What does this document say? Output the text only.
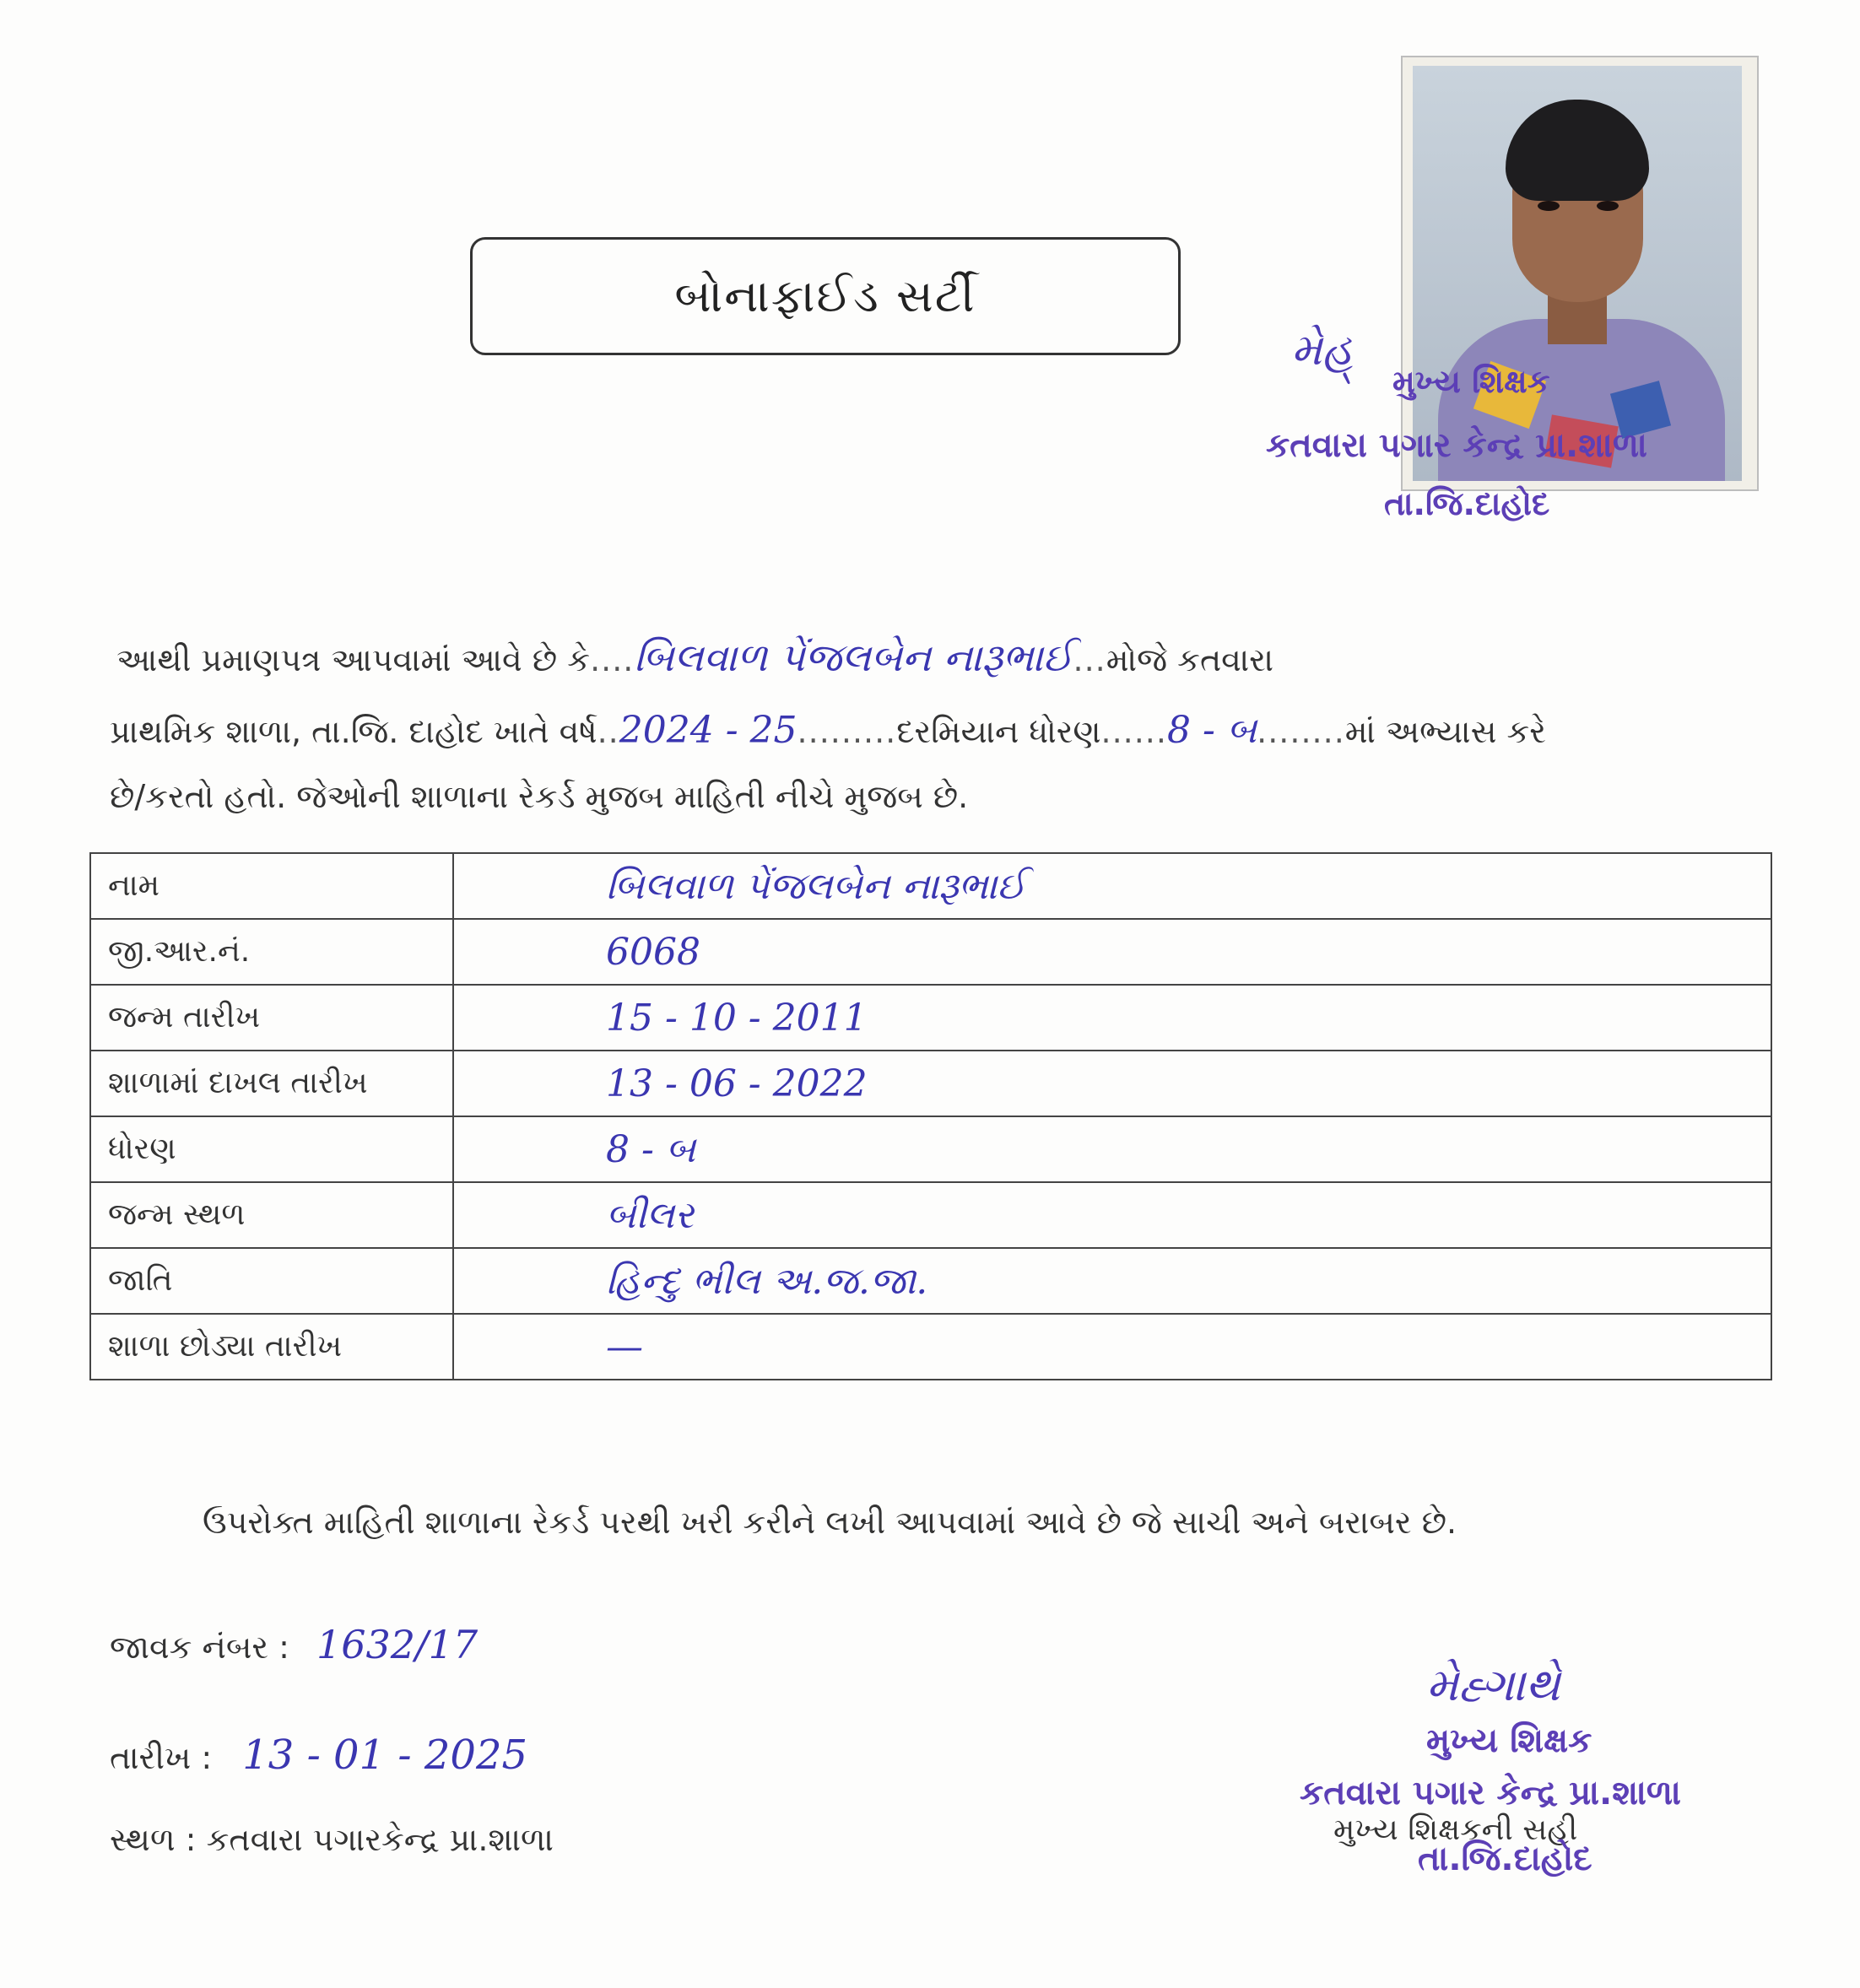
બોનાફાઈડ સર્ટી
મેહ્
મુખ્ય શિક્ષક
કતવારા પગાર કેન્દ્ર પ્રા.શાળા
તા.જિ.દાહોદ
આથી પ્રમાણપત્ર આપવામાં આવે છે કે....બિલવાળ પેંજલબેન નારૂભાઈ...મોજે કતવારા
પ્રાથમિક શાળા, તા.જિ. દાહોદ ખાતે વર્ષ..2024 - 25.........દરમિયાન ધોરણ......8 - બ........માં અભ્યાસ કરે
છે/કરતો હતો. જેઓની શાળાના રેકર્ડ મુજબ માહિતી નીચે મુજબ છે.
નામ	બિલવાળ પેંજલબેન નારૂભાઈ
જી.આર.નં.	6068
જન્મ તારીખ	15 - 10 - 2011
શાળામાં દાખલ તારીખ	13 - 06 - 2022
ધોરણ	8 - બ
જન્મ સ્થળ	બીલર
જાતિ	હિન્દુ ભીલ અ.જ.જા.
શાળા છોડ્યા તારીખ	—
ઉપરોક્ત માહિતી શાળાના રેકર્ડ પરથી ખરી કરીને લખી આપવામાં આવે છે જે સાચી અને બરાબર છે.
જાવક નંબર : 1632/17
તારીખ : 13 - 01 - 2025
સ્થળ : કતવારા પગારકેન્દ્ર પ્રા.શાળા
મેહ્ગાથે
મુખ્ય શિક્ષક
કતવારા પગાર કેન્દ્ર પ્રા.શાળા
મુખ્ય શિક્ષકની સહી
તા.જિ.દાહોદ
